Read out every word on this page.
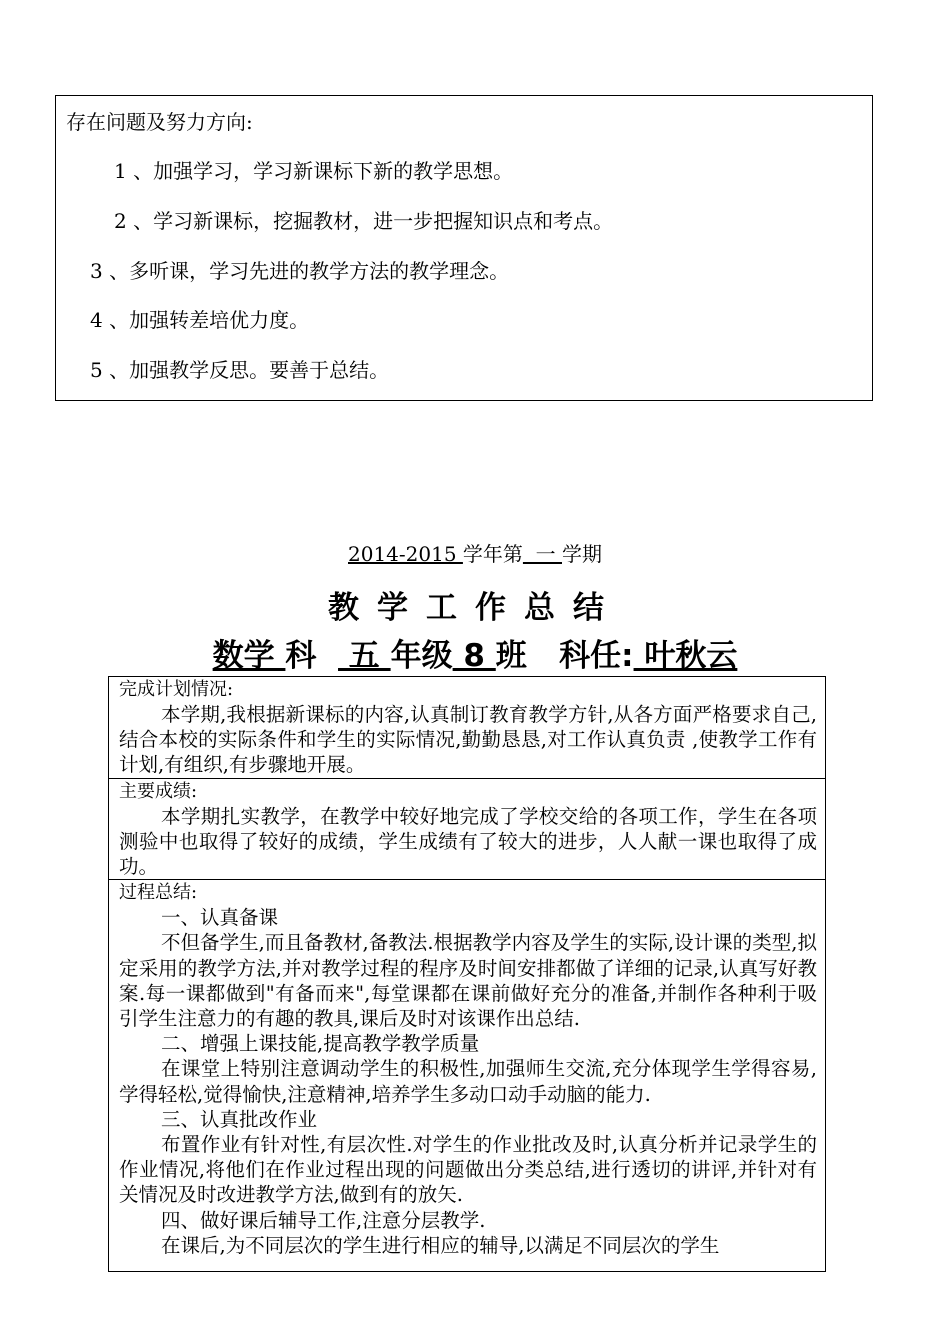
存在问题及努力方向:
1 、加强学习，学习新课标下新的教学思想。
2 、学习新课标，挖掘教材，进一步把握知识点和考点。
3 、多听课，学习先进的教学方法的教学理念。
4 、加强转差培优力度。
5 、加强教学反思。要善于总结。
2014-2015 学年第  一 学期
教学工作总结
数学 科   五 年级 8 班 科任: 叶秋云
完成计划情况:

本学期,我根据新课标的内容,认真制订教育教学方针,从各方面严格要求自己,结合本校的实际条件和学生的实际情况,勤勤恳恳,对工作认真负责 ,使教学工作有计划,有组织,有步骤地开展。

主要成绩:

本学期扎实教学，在教学中较好地完成了学校交给的各项工作，学生在各项测验中也取得了较好的成绩，学生成绩有了较大的进步，人人献一课也取得了成功。

过程总结:

一、认真备课

不但备学生,而且备教材,备教法.根据教学内容及学生的实际,设计课的类型,拟定采用的教学方法,并对教学过程的程序及时间安排都做了详细的记录,认真写好教案.每一课都做到"有备而来",每堂课都在课前做好充分的准备,并制作各种利于吸引学生注意力的有趣的教具,课后及时对该课作出总结.

二、增强上课技能,提高教学教学质量

在课堂上特别注意调动学生的积极性,加强师生交流,充分体现学生学得容易,学得轻松,觉得愉快,注意精神,培养学生多动口动手动脑的能力.

三、认真批改作业

布置作业有针对性,有层次性.对学生的作业批改及时,认真分析并记录学生的作业情况,将他们在作业过程出现的问题做出分类总结,进行透切的讲评,并针对有关情况及时改进教学方法,做到有的放矢.

四、做好课后辅导工作,注意分层教学.

在课后,为不同层次的学生进行相应的辅导,以满足不同层次的学生
